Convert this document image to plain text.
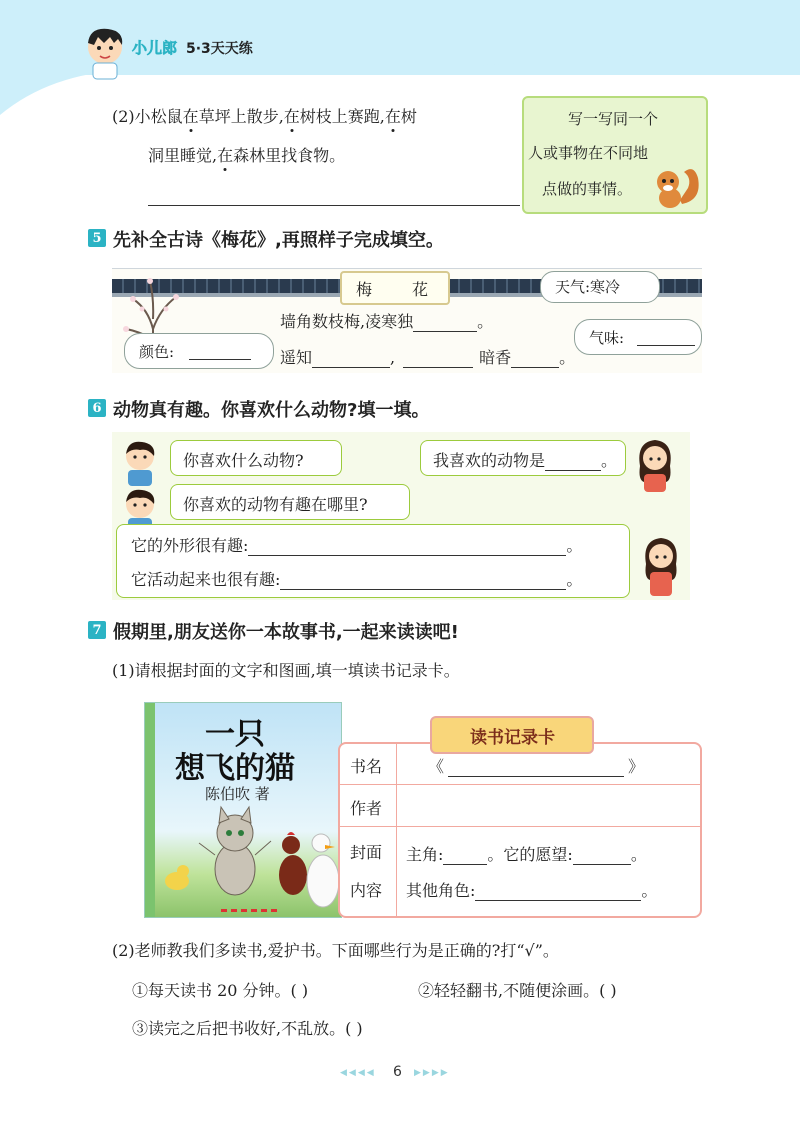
小儿郎 5·3天天练
(2)小松鼠在草坪上散步,在树枝上赛跑,在树
洞里睡觉,在森林里找食物。
写一写同一个
人或事物在不同地
点做的事情。
5 先补全古诗《梅花》,再照样子完成填空。
梅 花	天气:寒冷
墙角数枝梅,凌寒独	。
颜色:	遥知	,	暗香	。
气味:
6 动物真有趣。你喜欢什么动物?填一填。
你喜欢什么动物?	我喜欢的动物是	。
你喜欢的动物有趣在哪里?
它的外形很有趣:	。
它活动起来也很有趣:	。
7 假期里,朋友送你一本故事书,一起来读读吧!
(1)请根据封面的文字和图画,填一填读书记录卡。
一只
想飞的猫
陈伯吹 著
书名	《	》
作者
封面
内容
主角:	。它的愿望:	。
其他角色:	。
读书记录卡
(2)老师教我们多读书,爱护书。下面哪些行为是正确的?打“√”。
①每天读书 20 分钟。( )	②轻轻翻书,不随便涂画。( )
③读完之后把书收好,不乱放。( )
◀◀◀◀ 6 ▶▶▶▶
